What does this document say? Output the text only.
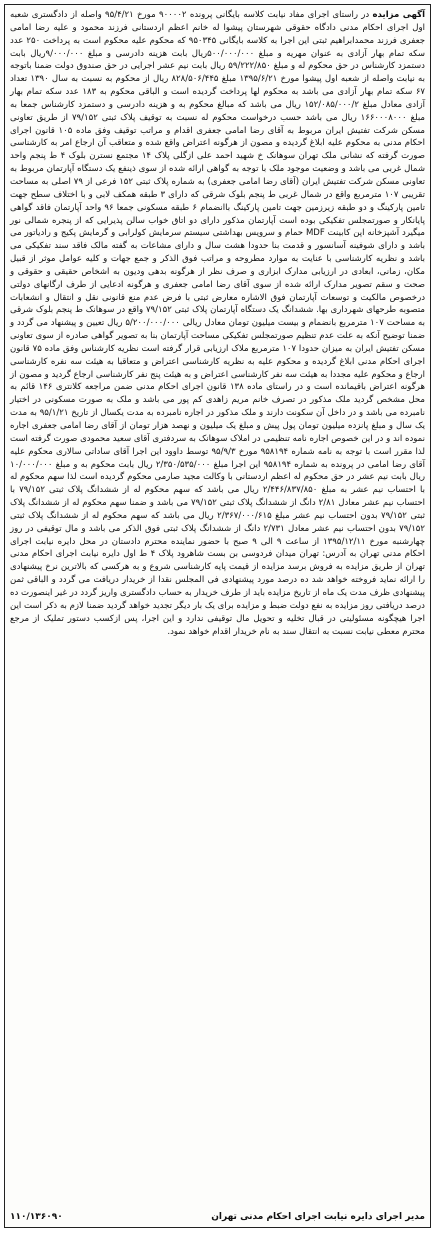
آگهی مزایده در راستای اجرای مفاد نیابت کلاسه بایگانی پرونده ۹۰۰۰۰۲ مورخ ۹۵/۴/۲۱ واصله از دادگستری شعبه اول اجرای احکام مدنی دادگاه حقوقی شهرستان پیشوا له خانم اعظم اردستانی فرزند محمود و علیه رضا امامی جعفری فرزند محمدابراهیم ثبتی این اجرا به کلاسه بایگانی ۹۵۰۳۴۵ که محکوم علیه محکوم است به پرداخت ۲۵۰ عدد سکه تمام بهار آزادی به عنوان مهریه و مبلغ ۵۰۰/۰۰۰/۰۰۰ریال بابت هزینه دادرسی و مبلغ ۹/۰۰۰/۰۰۰ریال بابت دستمزد کارشناس در حق محکوم له و مبلغ ۵۹/۲۲۲/۸۵۰ ریال بابت نیم عشر اجرایی در حق صندوق دولت ضمنا باتوجه به نیابت واصله از شعبه اول پیشوا مورخ ۱۳۹۵/۶/۲۱ مبلغ ۸۲۸/۵۰۶/۴۴۵ ریال از محکوم به نسبت به سال ۱۳۹۰ تعداد ۶۷ سکه تمام بهار آزادی می باشد به محکوم لها پرداخت گردیده است و الباقی محکوم به ۱۸۳ عدد سکه تمام بهار آزادی معادل مبلغ ۱۵۲/۰۸۵/۰۰۰/۲ ریال می باشد که مبالغ محکوم به و هزینه دادرسی و دستمزد کارشناس جمعا به مبلغ ۱۶۶۰۰۰۸۰۰۰ ریال می باشد حسب درخواست محکوم له نسبت به توقیف پلاک ثبتی ۷۹/۱۵۲ از طریق تعاونی مسکن شرکت تفتیش ایران مربوط به آقای رضا امامی جعفری اقدام و مراتب توقیف وفق ماده ۱۰۵ قانون اجرای احکام مدنی به محکوم علیه ابلاغ گردیده و مصون از هرگونه اعتراض واقع شده و متعاقب آن ارجاع امر به کارشناسی صورت گرفته که نشانی ملک تهران سوهانک خ شهید احمد علی ازگلی پلاک ۱۴ مجتمع نسترن بلوک ۴ ط پنجم واحد شمال غربی می باشد و وضعیت موجود ملک با توجه به گواهی ارائه شده از سوی ذینفع یک دستگاه آپارتمان مربوط به تعاونی مسکن شرکت تفتیش ایران (آقای رضا امامی جعفری) به شماره پلاک ثبتی ۱۵۲ فرعی از ۷۹ اصلی به مساحت تقریبی ۱۰۷ مترمربع واقع در شمال غربی ط پنجم بلوک شرقی که دارای ۳ طبقه همکف لابی و با اختلاف سطح جهت تامین پارکینگ و دو طبقه زیرزمین جهت تامین پارکینگ باانضمام ۶ طبقه مسکونی جمعا ۹۶ واحد آپارتمان فاقد گواهی پایانکار و صورتمجلس تفکیکی بوده است آپارتمان مذکور دارای دو اتاق خواب سالن پذیرایی که از پنجره شمالی نور میگیرد آشپزخانه اپن کابینت MDF حمام و سرویس بهداشتی سیستم سرمایش کولرابی و گرمایش پکیج و رادیاتور می باشد و دارای شوفینه آسانسور و قدمت بنا حدودا هشت سال و دارای مشاعات به گفته مالک فاقد سند تفکیکی می باشد و نظریه کارشناسی با عنایت به موارد مطروحه و مراتب فوق الذکر و جمع جهات و کلیه عوامل موثر از قبیل مکان، زمانی، ابعادی در ارزیابی مدارک ابزاری و صرف نظر از هرگونه بدهی ودیون به اشخاص حقیقی و حقوقی و صحت و سقم تصویر مدارک ارائه شده از سوی آقای رضا امامی جعفری و هرگونه ادعایی از طرف ارگانهای دولتی درخصوص مالکیت و توسعات آپارتمان فوق الاشاره معارض ثبتی با فرض عدم منع قانونی نقل و انتقال و انشعابات متصوبه طرحهای شهرداری بها. ششدانگ یک دستگاه آپارتمان پلاک ثبتی ۷۹/۱۵۲ واقع در سوهانک ط پنجم بلوک شرقی به مساحت ۱۰۷ مترمربع بانضمام و بیست میلیون تومان معادل ریالی ۵/۲۰۰/۰۰۰/۰۰۰ ریال تعیین و پیشنهاد می گردد و ضمنا توضیح آنکه به علت عدم تنظیم صورتمجلس تفکیکی مساحت آپارتمان بنا به تصویر گواهی صادره از سوی تعاونی مسکن تفتیش ایران به میزان حدودا ۱۰۷ مترمربع ملاک ارزیابی قرار گرفته است نظریه کارشناس وفق ماده ۷۵ قانون اجرای احکام مدنی ابلاغ گردیده و محکوم علیه به نظریه کارشناسی اعتراض و متعاقبا به هیئت سه نفره کارشناسی ارجاع و محکوم علیه مجددا به هیئت سه نفر کارشناسی اعتراض و به هیئت پنج نفر کارشناسی ارجاع گردید و مصون از هرگونه اعتراض باقیمانده است و در راستای ماده ۱۳۸ قانون اجرای احکام مدنی ضمن مراجعه کلانتری ۱۴۶ قائم به محل مشخص گردید ملک مذکور در تصرف خانم مریم زاهدی کم پور می باشد و ملک به صورت مسکونی در اختیار نامبرده می باشد و در داخل آن سکونت دارند و ملک مذکور در اجاره نامبرده به مدت یکسال از تاریخ ۹۵/۱/۲۱ به مدت یک سال و مبلغ پانزده میلیون تومان پول پیش و مبلغ یک میلیون و نهصد هزار تومان از آقای رضا امامی جعفری اجاره نموده اند و در این خصوص اجاره نامه تنظیمی در املاک سوهانک به سردفتری آقای سعید محمودی صورت گرفته است لذا مقرر است با توجه به نامه شماره ۹۵۸۱۹۴ مورخ ۹۵/۹/۳ توسط داوود این اجرا آقای ساداتی سالاری محکوم علیه آقای رضا امامی در پرونده به شماره ۹۵۸۱۹۴ این اجرا مبلغ ۲/۳۵۰/۵۳۵/۰۰۰ ریال بابت محکوم به و مبلغ ۱۰/۰۰۰/۰۰۰ ریال بابت نیم عشر در حق محکوم له اعظم اردستانی با وکالت مجید صارمی محکوم گردیده است لذا سهم محکوم له با احتساب نیم عشر به مبلغ ۲/۴۴۶/۸۳۷/۸۵۰ ریال می باشد که سهم محکوم له از ششدانگ پلاک ثبتی ۷۹/۱۵۲ با احتساب نیم عشر معادل ۲/۸۱ دانگ از ششدانگ پلاک ثبتی ۷۹/۱۵۲ می باشد و ضمنا سهم محکوم له از ششدانگ پلاک ثبتی ۷۹/۱۵۲ بدون احتساب نیم عشر مبلغ ۲/۳۶۷/۰۰۰/۶۱۵ ریال می باشد که سهم محکوم له از ششدانگ پلاک ثبتی ۷۹/۱۵۲ بدون احتساب نیم عشر معادل ۲/۷۳۱ دانگ از ششدانگ پلاک ثبتی فوق الذکر می باشد و مال توقیفی در روز چهارشنبه مورخ ۱۳۹۵/۱۲/۱۱ از ساعت ۹ الی ۹ صبح با حضور نماینده محترم دادستان در محل دایره نیابت اجرای احکام مدنی تهران به آدرس: تهران میدان فردوسی بن بست شاهرود پلاک ۴ ط اول دایره نیابت اجرای احکام مدنی تهران از طریق مزایده به فروش برسد مزایده از قیمت پایه کارشناسی شروع و به هرکسی که بالاترین نرخ پیشنهادی را ارائه نماید فروخته خواهد شد ده درصد مورد پیشنهادی فی المجلس نقدا از خریدار دریافت می گردد و الباقی ثمن پیشنهادی ظرف مدت یک ماه از تاریخ مزایده باید از طرف خریدار به حساب دادگستری واریز گردد در غیر اینصورت ده درصد دریافتی روز مزایده به نفع دولت ضبط و مزایده برای یک بار دیگر تجدید خواهد گردید ضمنا لازم به ذکر است این اجرا هیچگونه مسئولیتی در قبال تخلیه و تحویل مال توقیفی ندارد و این اجرا، پس ازکسب دستور تملیک از مرجع محترم معطی نیابت نسبت به انتقال سند به نام خریدار اقدام خواهد نمود.

مدیر اجرای دایره نیابت اجرای احکام مدنی تهران
۱۱۰/۱۳۶۰۹۰
